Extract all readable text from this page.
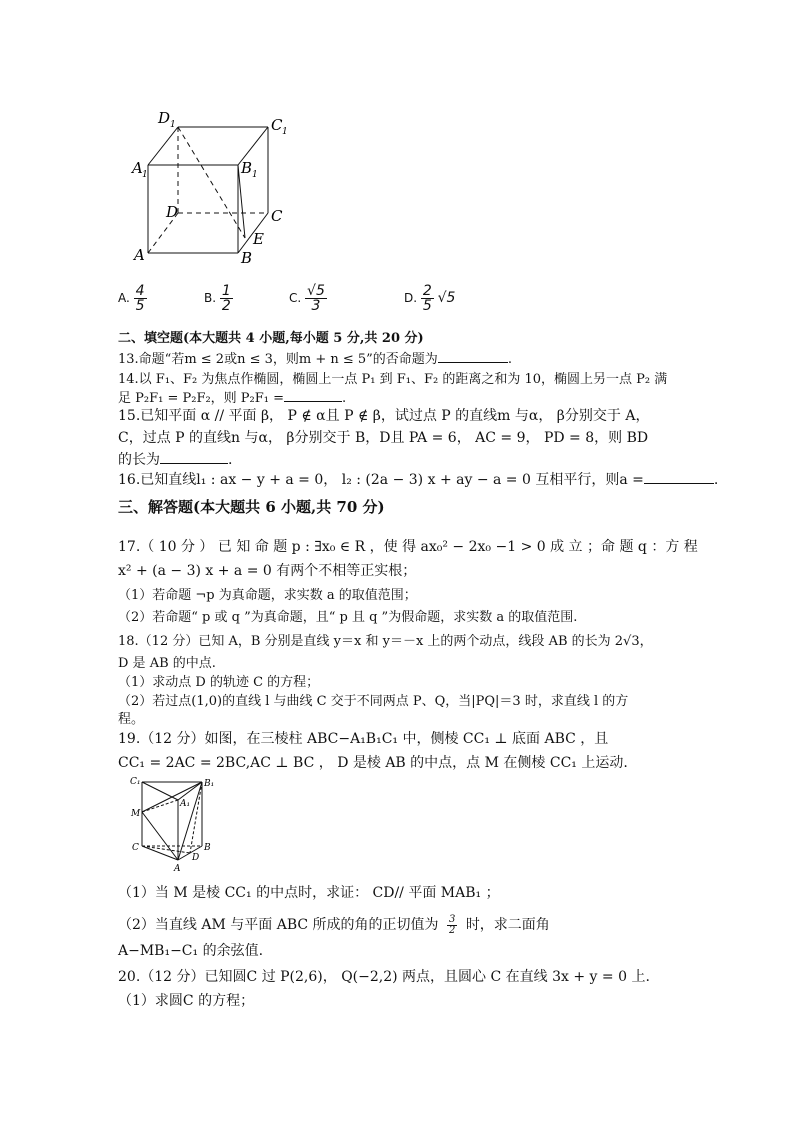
D 1	C 1
A 1	B 1
D	C
E
A	B
A. $\frac{4}{5}$	B. $\frac{1}{2}$	C. $\frac{√5}{3}$	D. $\frac{2}{5} √5$
二、填空题(本大题共 4 小题,每小题 5 分,共 20 分)
13.命题“若m ≤ 2或n ≤ 3，则m + n ≤ 5”的否命题为	.
14.以 F₁、F₂ 为焦点作椭圆，椭圆上一点 P₁ 到 F₁、F₂ 的距离之和为 10，椭圆上另一点 P₂ 满
足 P₂F₁ = P₂F₂，则 P₂F₁ =	.
15.已知平面 α // 平面 β， P ∉ α且 P ∉ β，试过点 P 的直线m 与α， β分别交于 A，
C，过点 P 的直线n 与α， β分别交于 B，D且 PA = 6， AC = 9， PD = 8，则 BD
的长为	.
16.已知直线l₁ : ax − y + a = 0， l₂ : (2a − 3) x + ay − a = 0 互相平行，则a =	.
三、解答题(本大题共 6 小题,共 70 分)
17.（ 10 分 ） 已 知 命 题 p : ∃x₀ ∈ R ，使 得 ax₀² − 2x₀ −1 > 0 成 立 ；命 题 q ：方 程
x² + (a − 3) x + a = 0 有两个不相等正实根；
（1）若命题 ¬p 为真命题，求实数 a 的取值范围；
（2）若命题“ p 或 q ”为真命题，且“ p 且 q ”为假命题，求实数 a 的取值范围.
18.（12 分）已知 A，B 分别是直线 y＝x 和 y＝－x 上的两个动点，线段 AB 的长为 2√3，
D 是 AB 的中点.
（1）求动点 D 的轨迹 C 的方程；
（2）若过点(1,0)的直线 l 与曲线 C 交于不同两点 P、Q，当|PQ|＝3 时，求直线 l 的方
程。
19.（12 分）如图，在三棱柱 ABC−A₁B₁C₁ 中，侧棱 CC₁ ⊥ 底面 ABC ，且
CC₁ = 2AC = 2BC,AC ⊥ BC ， D 是棱 AB 的中点，点 M 在侧棱 CC₁ 上运动.
C₁	B₁
A₁
M
C	B
D
A
（1）当 M 是棱 CC₁ 的中点时，求证： CD// 平面 MAB₁ ；
（2）当直线 AM 与平面 ABC 所成的角的正切值为 $\frac{3}{2}$ 时，求二面角
A−MB₁−C₁ 的余弦值.
20.（12 分）已知圆C 过 P(2,6)， Q(−2,2) 两点，且圆心 C 在直线 3x + y = 0 上.
（1）求圆C 的方程；
